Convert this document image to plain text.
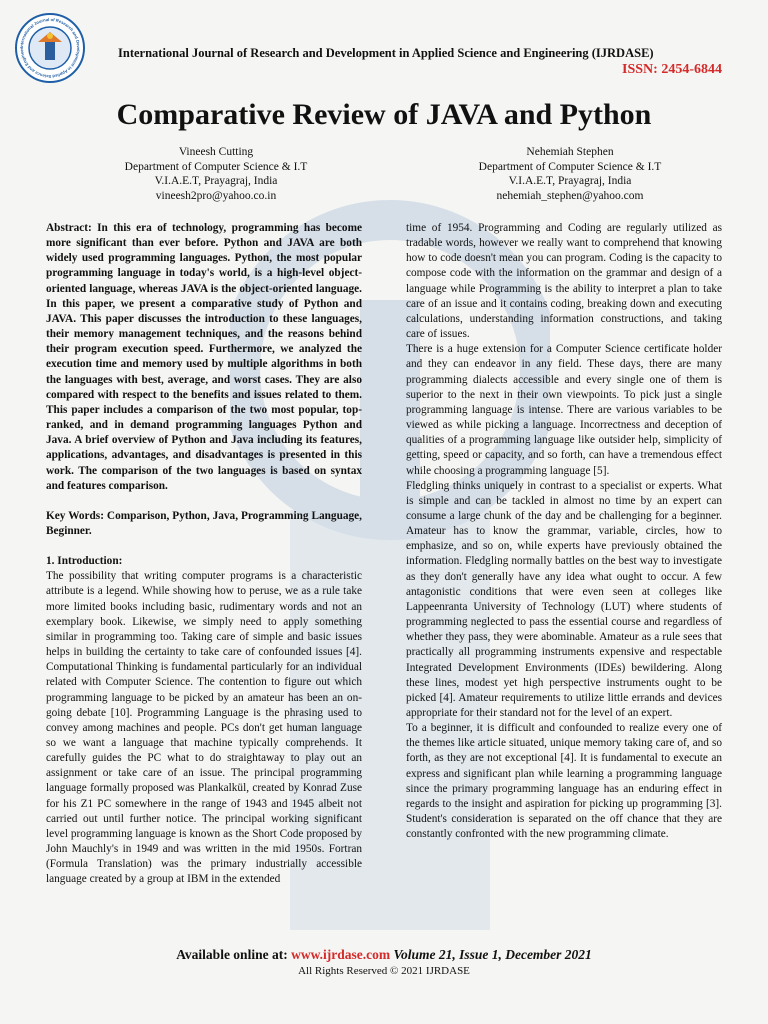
International Journal of Research and Development in Applied Science and Engineer	International Journal of Research and Development in Applied Science and Engineering (IJRDASE)
ISSN: 2454-6844
Comparative Review of JAVA and Python
Vineesh Cutting
Department of Computer Science & I.T
V.I.A.E.T, Prayagraj, India
vineesh2pro@yahoo.co.in
Nehemiah Stephen
Department of Computer Science & I.T
V.I.A.E.T, Prayagraj, India
nehemiah_stephen@yahoo.com

Abstract: In this era of technology, programming has become more significant than ever before. Python and JAVA are both widely used programming languages. Python, the most popular programming language in today's world, is a high-level object-oriented language, whereas JAVA is the object-oriented language. In this paper, we present a comparative study of Python and JAVA. This paper discusses the introduction to these languages, their memory management techniques, and the reasons behind their program execution speed. Furthermore, we analyzed the execution time and memory used by multiple algorithms in both the languages with best, average, and worst cases. They are also compared with respect to the benefits and issues related to them. This paper includes a comparison of the two most popular, top-ranked, and in demand programming languages Python and Java. A brief overview of Python and Java including its features, applications, advantages, and disadvantages is presented in this work. The comparison of the two languages is based on syntax and features comparison.

Key Words: Comparison, Python, Java, Programming Language, Beginner.

1. Introduction:

The possibility that writing computer programs is a characteristic attribute is a legend. While showing how to peruse, we as a rule take more limited books including basic, rudimentary words and not an exemplary book. Likewise, we simply need to apply something similar in programming too. Taking care of simple and basic issues helps in building the certainty to take care of confounded issues [4]. Computational Thinking is fundamental particularly for an individual related with Computer Science. The contention to figure out which programming language to be picked by an amateur has been an on-going debate [10]. Programming Language is the phrasing used to convey among machines and people. PCs don't get human language so we want a language that machine typically comprehends. It carefully guides the PC what to do straightaway to play out an assignment or take care of an issue. The principal programming language formally proposed was Plankalkül, created by Konrad Zuse for his Z1 PC somewhere in the range of 1943 and 1945 albeit not carried out until further notice. The principal working significant level programming language is known as the Short Code proposed by John Mauchly's in 1949 and was written in the mid 1950s. Fortran (Formula Translation) was the primary industrially accessible language created by a group at IBM in the extended

time of 1954. Programming and Coding are regularly utilized as tradable words, however we really want to comprehend that knowing how to code doesn't mean you can program. Coding is the capacity to compose code with the information on the grammar and design of a language while Programming is the ability to interpret a plan to take care of an issue and it contains coding, breaking down and executing calculations, understanding information constructions, and taking care of issues.

There is a huge extension for a Computer Science certificate holder and they can endeavor in any field. These days, there are many programming dialects accessible and every single one of them is superior to the next in their own viewpoints. To pick just a single programming language is intense. There are various variables to be viewed as while picking a language. Incorrectness and deception of qualities of a programming language like outsider help, simplicity of getting, speed or capacity, and so forth, can have a tremendous effect while choosing a programming language [5].

Fledgling thinks uniquely in contrast to a specialist or experts. What is simple and can be tackled in almost no time by an expert can consume a large chunk of the day and be challenging for a beginner. Amateur has to know the grammar, variable, circles, how to emphasize, and so on, while experts have previously obtained the information. Fledgling normally battles on the best way to investigate as they don't generally have any idea what ought to occur. A few antagonistic conditions that were even seen at colleges like Lappeenranta University of Technology (LUT) where students of programming neglected to pass the essential course and regardless of whether they pass, they were abominable. Amateur as a rule sees that practically all programming instruments expensive and respectable Integrated Development Environments (IDEs) bewildering. Along these lines, modest yet high perspective instruments ought to be picked [4]. Amateur requirements to utilize little errands and devices appropriate for their standard not for the level of an expert.

To a beginner, it is difficult and confounded to realize every one of the themes like article situated, unique memory taking care of, and so forth, as they are not exceptional [4]. It is fundamental to execute an express and significant plan while learning a programming language since the primary programming language has an enduring effect in regards to the insight and aspiration for picking up programming [3]. Student's consideration is separated on the off chance that they are constantly confronted with the new programming climate.

Available online at: www.ijrdase.com Volume 21, Issue 1, December 2021
All Rights Reserved © 2021 IJRDASE
